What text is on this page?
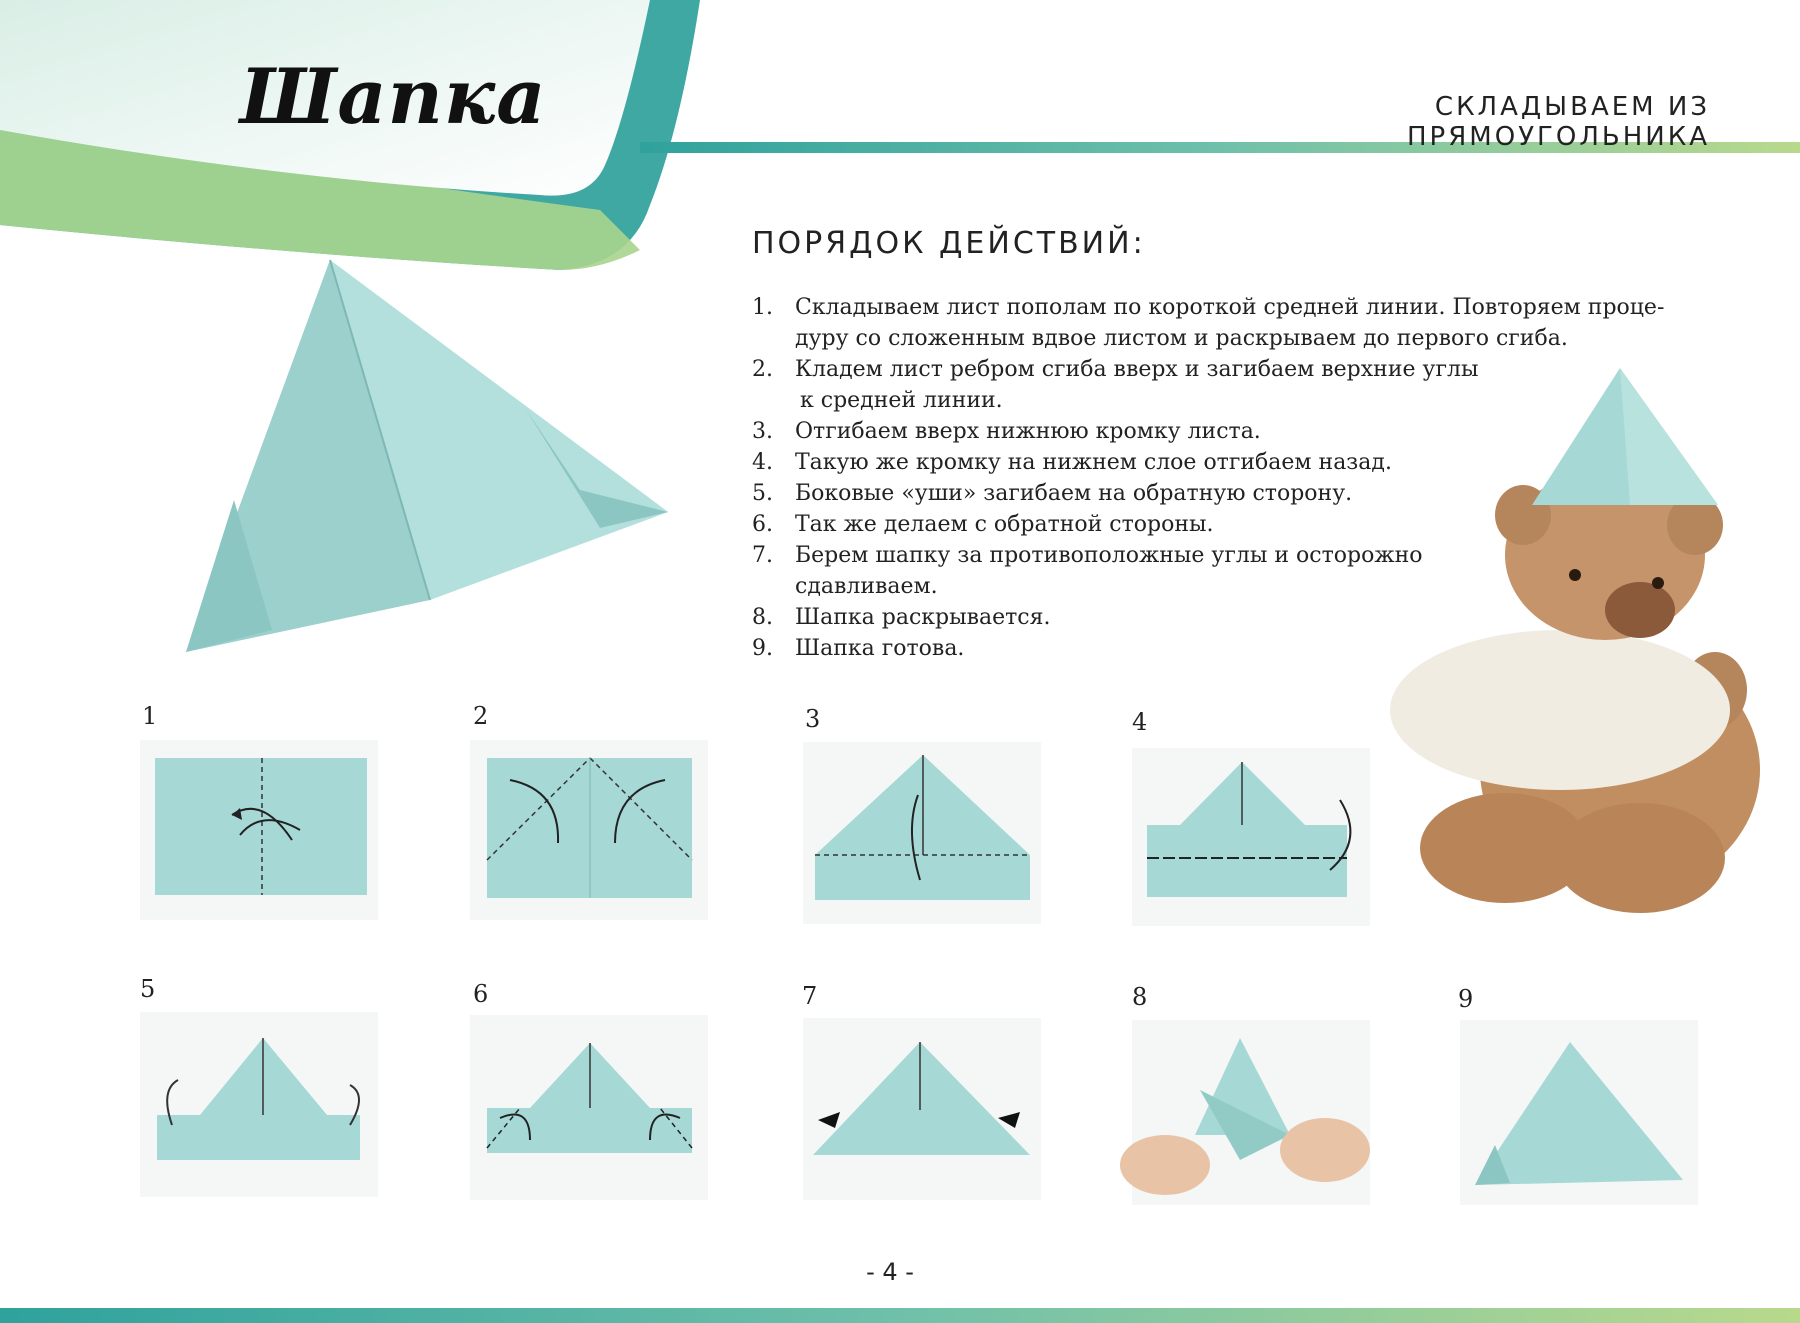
Шапка	СКЛАДЫВАЕМ ИЗ ПРЯМОУГОЛЬНИКА
ПОРЯДОК ДЕЙСТВИЙ:
1.	Складываем лист пополам по короткой средней линии. Повторяем проце-
дуру со сложенным вдвое листом и раскрываем до первого сгиба.
2.	Кладем лист ребром сгиба вверх и загибаем верхние углы
к средней линии.
3.	Отгибаем вверх нижнюю кромку листа.
4.	Такую же кромку на нижнем слое отгибаем назад.
5.	Боковые «уши» загибаем на обратную сторону.
6.	Так же делаем с обратной стороны.
7.	Берем шапку за противоположные углы и осторожно
сдавливаем.
8.	Шапка раскрывается.
9.	Шапка готова.
1	2	3	4
5	6	7	8	9
- 4 -
